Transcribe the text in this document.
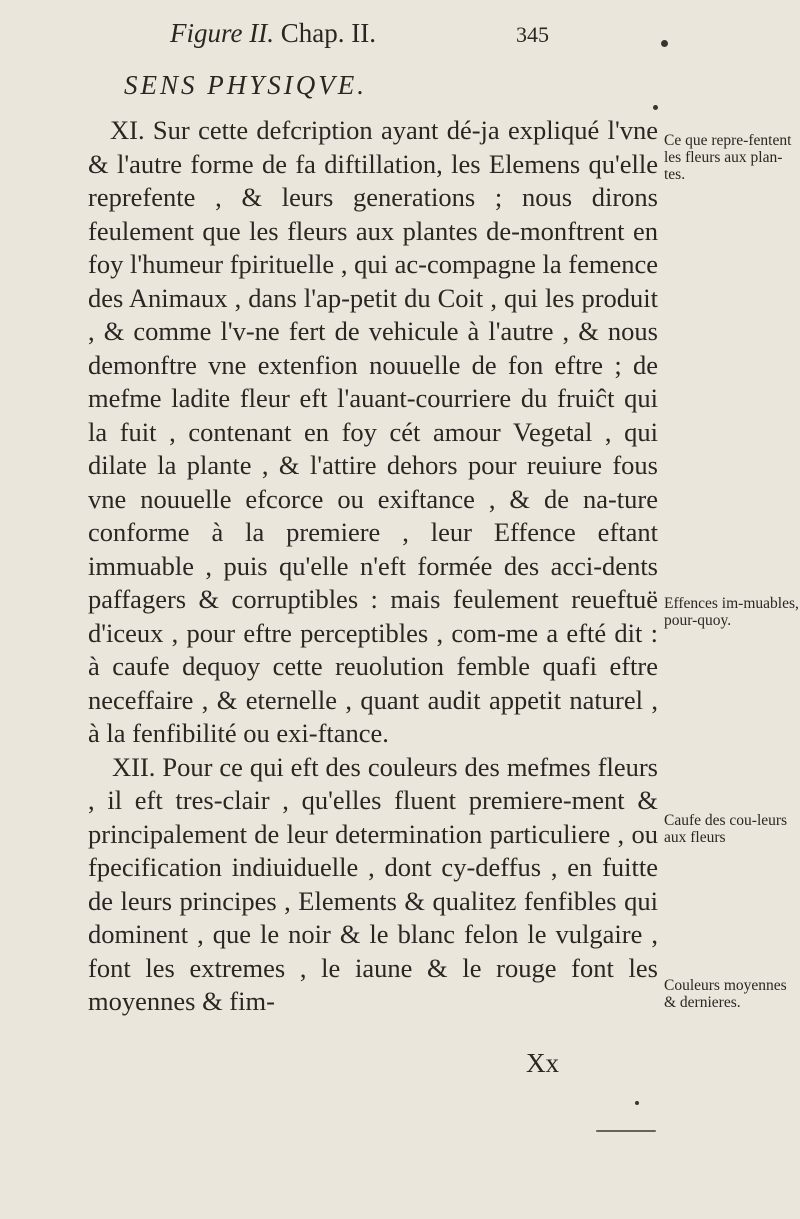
Figure II. Chap. II.	345
SENS PHYSIQVE.

XI. Sur cette defcription ayant dé-ja expliqué l'vne & l'autre forme de fa diftillation, les Elemens qu'elle reprefente , & leurs generations ; nous dirons feulement que les fleurs aux plantes de-monftrent en foy l'humeur fpirituelle , qui ac-compagne la femence des Animaux , dans l'ap-petit du Coit , qui les produit , & comme l'v-ne fert de vehicule à l'autre , & nous demonftre vne extenfion nouuelle de fon eftre ; de mefme ladite fleur eft l'auant-courriere du fruiĉt qui la fuit , contenant en foy cét amour Vegetal , qui dilate la plante , & l'attire dehors pour reuiure fous vne nouuelle efcorce ou exiftance , & de na-ture conforme à la premiere , leur Effence eftant immuable , puis qu'elle n'eft formée des acci-dents paffagers & corruptibles : mais feulement reueftuë d'iceux , pour eftre perceptibles , com-me a efté dit : à caufe dequoy cette reuolution femble quafi eftre neceffaire , & eternelle , quant audit appetit naturel , à la fenfibilité ou exi-ftance.

XII. Pour ce qui eft des couleurs des mefmes fleurs , il eft tres-clair , qu'elles fluent premiere-ment & principalement de leur determination particuliere , ou fpecification indiuiduelle , dont cy-deffus , en fuitte de leurs principes , Elements & qualitez fenfibles qui dominent , que le noir & le blanc felon le vulgaire , font les extremes , le iaune & le rouge font les moyennes & fim-

Xx
Ce que repre-fentent les fleurs aux plan-tes.
Effences im-muables, pour-quoy.
Caufe des cou-leurs aux fleurs
Couleurs moyennes & dernieres.
